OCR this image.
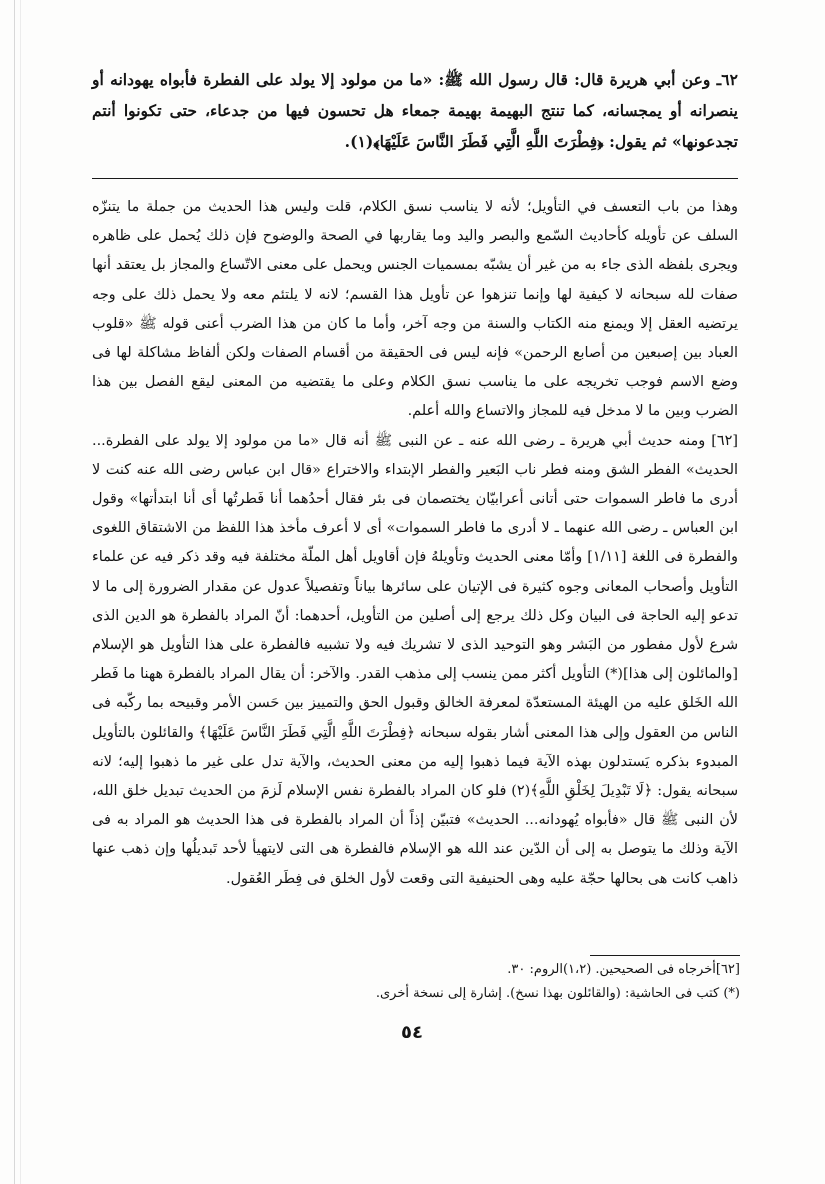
٦٢ـ وعن أبي هريرة قال: قال رسول الله ﷺ: «ما من مولود إلا يولد على الفطرة فأبواه يهودانه أو ينصرانه أو يمجسانه، كما تنتج البهيمة بهيمة جمعاء هل تحسون فيها من جدعاء، حتى تكونوا أنتم تجدعونها» ثم يقول: ﴿فِطْرَتَ اللَّهِ الَّتِي فَطَرَ النَّاسَ عَلَيْهَا﴾(١).

وهذا من باب التعسف في التأويل؛ لأنه لا يناسب نسق الكلام، قلت وليس هذا الحديث من جملة ما يتنزّه السلف عن تأويله كأحاديث السّمع والبصر واليد وما يقاربها في الصحة والوضوح فإن ذلك يُحمل على ظاهره ويجرى بلفظه الذى جاء به من غير أن يشبّه بمسميات الجنس ويحمل على معنى الاتّساع والمجاز بل يعتقد أنها صفات لله سبحانه لا كيفية لها وإنما تنزهوا عن تأويل هذا القسم؛ لانه لا يلتئم معه ولا يحمل ذلك على وجه يرتضيه العقل إلا ويمنع منه الكتاب والسنة من وجه آخر، وأما ما كان من هذا الضرب أعنى قوله ﷺ «قلوب العباد بين إصبعين من أصابع الرحمن» فإنه ليس فى الحقيقة من أقسام الصفات ولكن ألفاظ مشاكلة لها فى وضع الاسم فوجب تخريجه على ما يناسب نسق الكلام وعلى ما يقتضيه من المعنى ليقع الفصل بين هذا الضرب وبين ما لا مدخل فيه للمجاز والاتساع والله أعلم.

[٦٢] ومنه حديث أبي هريرة ـ رضى الله عنه ـ عن النبى ﷺ أنه قال «ما من مولود إلا يولد على الفطرة... الحديث» الفطر الشق ومنه فطر ناب البَعير والفطر الإبتداء والاختراع «قال ابن عباس رضى الله عنه كنت لا أدرى ما فاطر السموات حتى أتانى أعرابيّان يختصمان فى بئر فقال أحدُهما أنا فَطرتُها أى أنا ابتدأتها» وقول ابن العباس ـ رضى الله عنهما ـ لا أدرى ما فاطر السموات» أى لا أعرف مأخذ هذا اللفظ من الاشتقاق اللغوى والفطرة فى اللغة [١/١١] وأمّا معنى الحديث وتأويلهُ فإن أقاويل أهل الملّة مختلفة فيه وقد ذكر فيه عن علماء التأويل وأصحاب المعانى وجوه كثيرة فى الإتيان على سائرها بياناً وتفصيلاً عدول عن مقدار الضرورة إلى ما لا تدعو إليه الحاجة فى البيان وكل ذلك يرجع إلى أصلين من التأويل، أحدهما: أنّ المراد بالفطرة هو الدين الذى شرع لأول مفطور من البَشر وهو التوحيد الذى لا تشريك فيه ولا تشبيه فالفطرة على هذا التأويل هو الإسلام [والمائلون إلى هذا](*) التأويل أكثر ممن ينسب إلى مذهب القدر. والآخر: أن يقال المراد بالفطرة ههنا ما فَطر الله الخَلق عليه من الهيئة المستعدّة لمعرفة الخالق وقبول الحق والتمييز بين حَسن الأمر وقبيحه بما ركّبه فى الناس من العقول وإلى هذا المعنى أشار بقوله سبحانه ﴿فِطْرَتَ اللَّهِ الَّتِي فَطَرَ النَّاسَ عَلَيْهَا﴾ والقائلون بالتأويل المبدوء بذكره يَستدلون بهذه الآية فيما ذهبوا إليه من معنى الحديث، والآية تدل على غير ما ذهبوا إليه؛ لانه سبحانه يقول: ﴿لَا تَبْدِيلَ لِخَلْقِ اللَّهِ﴾(٢) فلو كان المراد بالفطرة نفس الإسلام لَزمَ من الحديث تبديل خلق الله، لأن النبى ﷺ قال «فأبواه يُهودانه... الحديث» فتبيّن إذاً أن المراد بالفطرة فى هذا الحديث هو المراد به فى الآية وذلك ما يتوصل به إلى أن الدّين عند الله هو الإسلام فالفطرة هى التى لايتهيأ لأحد تَبديلُها وإن ذهب عنها ذاهب كانت هى بحالها حجّة عليه وهى الحنيفية التى وقعت لأول الخلق فى فِطَر العُقول.

[٦٢]أخرجاه فى الصحيحين. (١،٢)الروم: ٣٠.

(*) كتب فى الحاشية: (والقائلون بهذا نسخ). إشارة إلى نسخة أخرى.

٥٤
